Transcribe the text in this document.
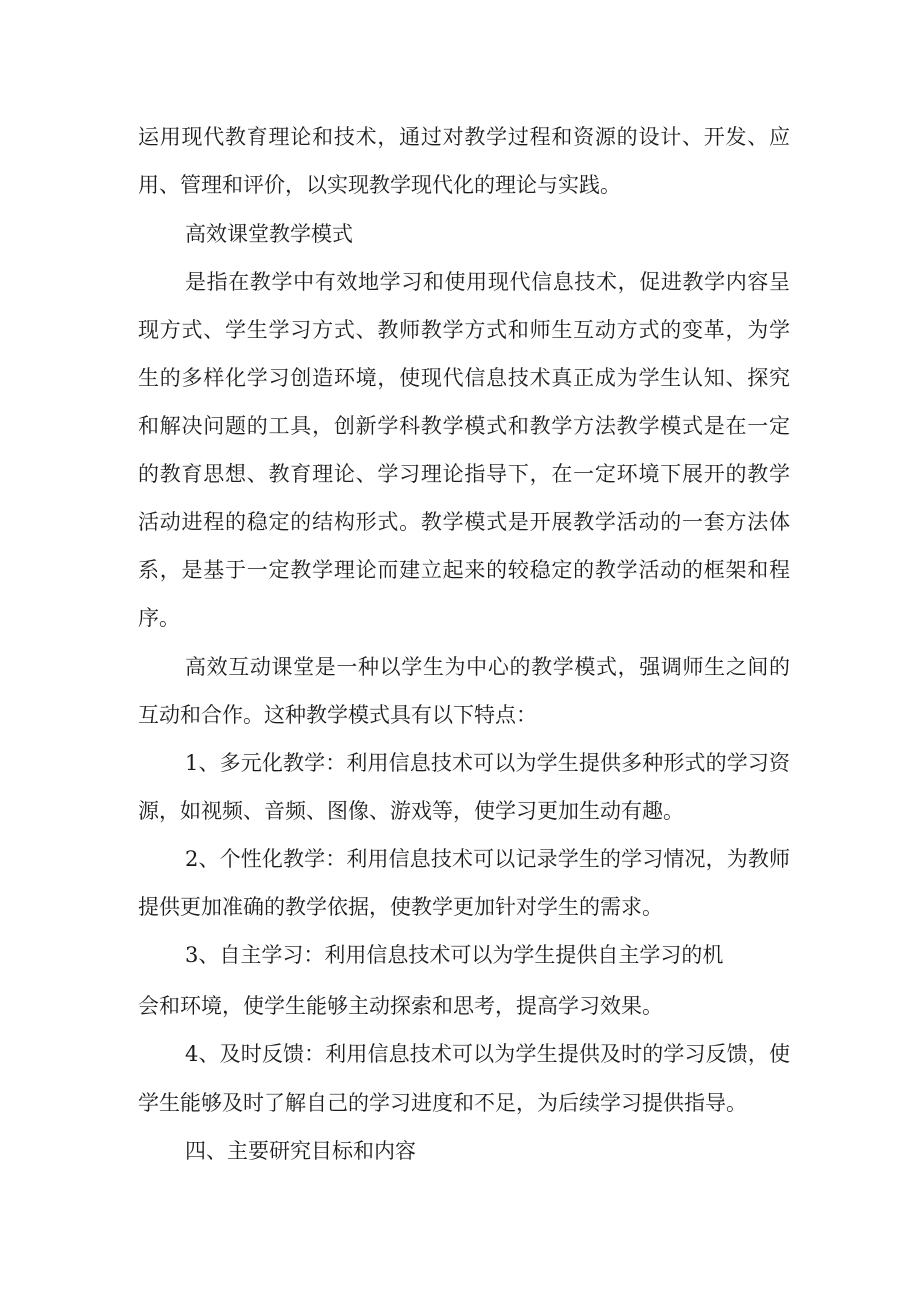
运用现代教育理论和技术，通过对教学过程和资源的设计、开发、应
用、管理和评价，以实现教学现代化的理论与实践。
高效课堂教学模式
是指在教学中有效地学习和使用现代信息技术，促进教学内容呈
现方式、学生学习方式、教师教学方式和师生互动方式的变革，为学
生的多样化学习创造环境，使现代信息技术真正成为学生认知、探究
和解决问题的工具，创新学科教学模式和教学方法教学模式是在一定
的教育思想、教育理论、学习理论指导下，在一定环境下展开的教学
活动进程的稳定的结构形式。教学模式是开展教学活动的一套方法体
系，是基于一定教学理论而建立起来的较稳定的教学活动的框架和程
序。
高效互动课堂是一种以学生为中心的教学模式，强调师生之间的
互动和合作。这种教学模式具有以下特点：
1、多元化教学：利用信息技术可以为学生提供多种形式的学习资
源，如视频、音频、图像、游戏等，使学习更加生动有趣。
2、个性化教学：利用信息技术可以记录学生的学习情况，为教师
提供更加准确的教学依据，使教学更加针对学生的需求。
3、自主学习：利用信息技术可以为学生提供自主学习的机
会和环境，使学生能够主动探索和思考，提高学习效果。
4、及时反馈：利用信息技术可以为学生提供及时的学习反馈，使
学生能够及时了解自己的学习进度和不足，为后续学习提供指导。
四、主要研究目标和内容
